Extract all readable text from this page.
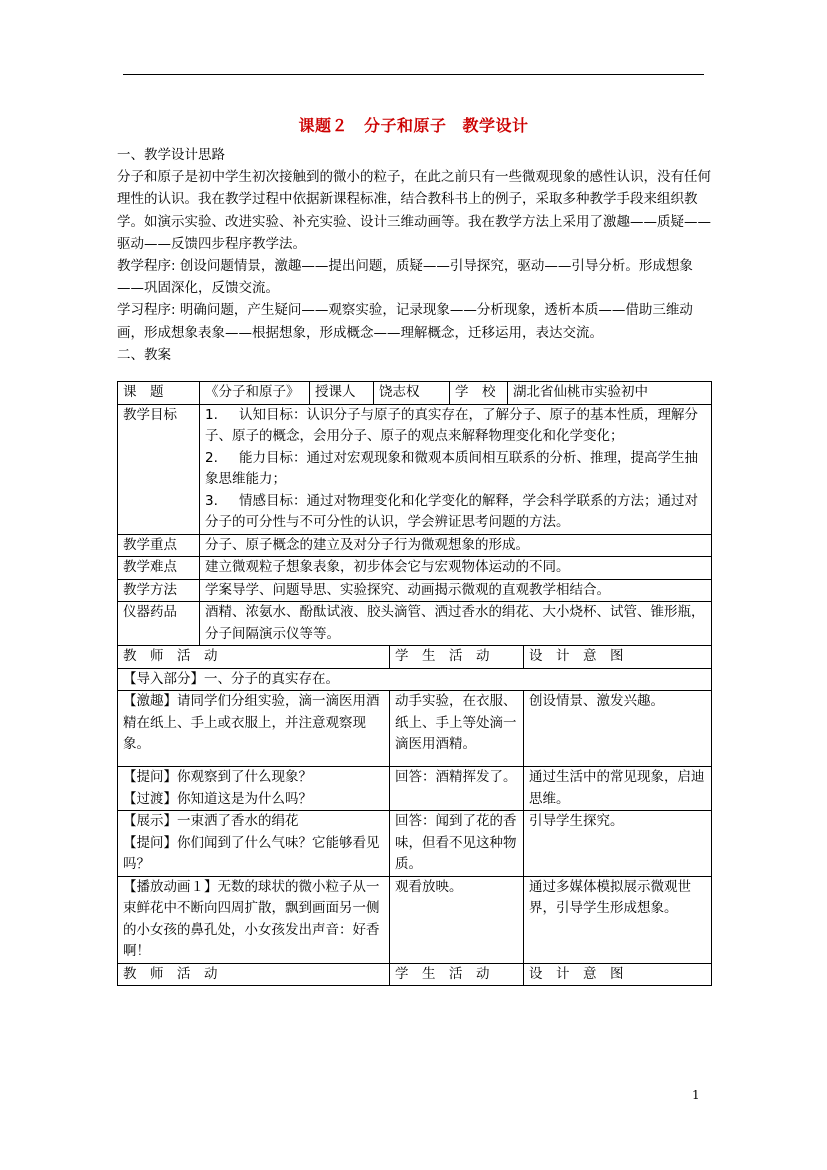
课题２ 分子和原子 教学设计

一、教学设计思路

分子和原子是初中学生初次接触到的微小的粒子，在此之前只有一些微观现象的感性认识，没有任何理性的认识。我在教学过程中依据新课程标准，结合教科书上的例子，采取多种教学手段来组织教学。如演示实验、改进实验、补充实验、设计三维动画等。我在教学方法上采用了激趣——质疑——驱动——反馈四步程序教学法。

教学程序: 创设问题情景，激趣——提出问题，质疑——引导探究，驱动——引导分析。形成想象——巩固深化，反馈交流。

学习程序: 明确问题，产生疑问——观察实验，记录现象——分析现象，透析本质——借助三维动画，形成想象表象——根据想象，形成概念——理解概念，迁移运用，表达交流。

二、教案

课　题	《分子和原子》	授课人	饶志权		学　校	湖北省仙桃市实验初中	
教学目标	1. 认知目标：认识分子与原子的真实存在，了解分子、原子的基本性质，理解分子、原子的概念，会用分子、原子的观点来解释物理变化和化学变化；
2. 能力目标：通过对宏观现象和微观本质间相互联系的分析、推理，提高学生抽象思维能力；
3. 情感目标：通过对物理变化和化学变化的解释，学会科学联系的方法；通过对分子的可分性与不可分性的认识，学会辨证思考问题的方法。						

教学重点	分子、原子概念的建立及对分子行为微观想象的形成。						
教学难点	建立微观粒子想象表象，初步体会它与宏观物体运动的不同。						
教学方法	学案导学、问题导思、实验探究、动画揭示微观的直观教学相结合。						
仪器药品	酒精、浓氨水、酚酞试液、胶头滴管、洒过香水的绢花、大小烧杯、试管、锥形瓶，分子间隔演示仪等等。						
教　师　活　动				学　生　活　动			设　计　意　图
【导入部分】一、分子的真实存在。							
【激趣】请同学们分组实验，滴一滴医用酒精在纸上、手上或衣服上，并注意观察现象。				动手实验，在衣服、纸上、手上等处滴一滴医用酒精。			创设情景、激发兴趣。
【提问】你观察到了什么现象？
【过渡】你知道这是为什么吗？				回答：酒精挥发了。			通过生活中的常见现象，启迪思维。
【展示】一束洒了香水的绢花
【提问】你们闻到了什么气味？它能够看见吗？				回答：闻到了花的香味，但看不见这种物质。			引导学生探究。
【播放动画１】无数的球状的微小粒子从一束鲜花中不断向四周扩散，飘到画面另一侧的小女孩的鼻孔处，小女孩发出声音：好香啊！				观看放映。			通过多媒体模拟展示微观世界，引导学生形成想象。
教　师　活　动				学　生　活　动			设　计　意　图
1
